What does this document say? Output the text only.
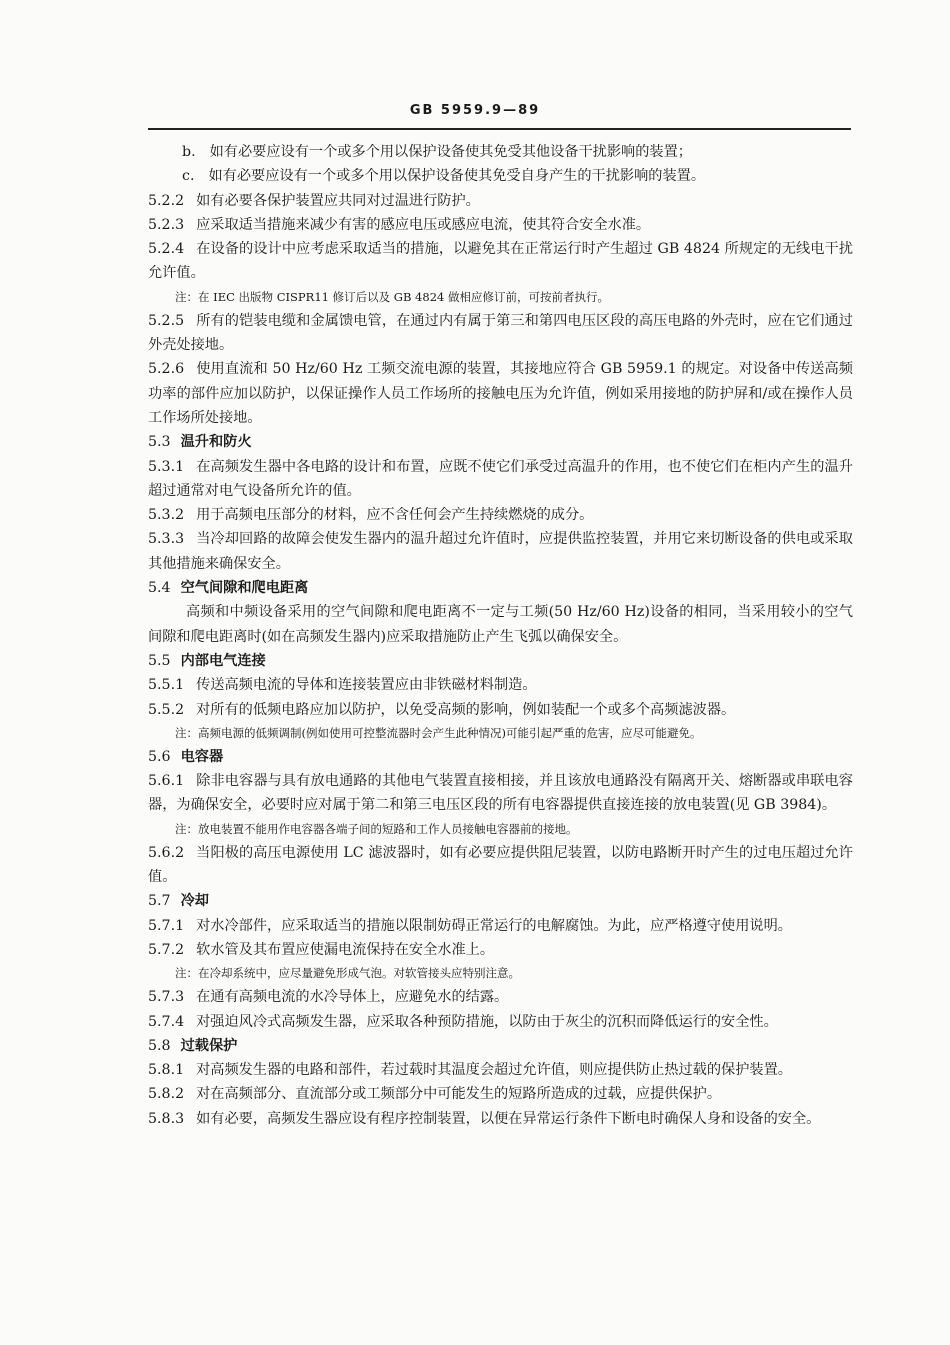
GB 5959.9—89

b. 如有必要应设有一个或多个用以保护设备使其免受其他设备干扰影响的装置；

c. 如有必要应设有一个或多个用以保护设备使其免受自身产生的干扰影响的装置。

5.2.2 如有必要各保护装置应共同对过温进行防护。

5.2.3 应采取适当措施来减少有害的感应电压或感应电流，使其符合安全水准。

5.2.4 在设备的设计中应考虑采取适当的措施，以避免其在正常运行时产生超过 GB 4824 所规定的无线电干扰允许值。

注：在 IEC 出版物 CISPR11 修订后以及 GB 4824 做相应修订前，可按前者执行。

5.2.5 所有的铠装电缆和金属馈电管，在通过内有属于第三和第四电压区段的高压电路的外壳时，应在它们通过外壳处接地。

5.2.6 使用直流和 50 Hz/60 Hz 工频交流电源的装置，其接地应符合 GB 5959.1 的规定。对设备中传送高频功率的部件应加以防护，以保证操作人员工作场所的接触电压为允许值，例如采用接地的防护屏和/或在操作人员工作场所处接地。

5.3 温升和防火

5.3.1 在高频发生器中各电路的设计和布置，应既不使它们承受过高温升的作用，也不使它们在柜内产生的温升超过通常对电气设备所允许的值。

5.3.2 用于高频电压部分的材料，应不含任何会产生持续燃烧的成分。

5.3.3 当冷却回路的故障会使发生器内的温升超过允许值时，应提供监控装置，并用它来切断设备的供电或采取其他措施来确保安全。

5.4 空气间隙和爬电距离

高频和中频设备采用的空气间隙和爬电距离不一定与工频(50 Hz/60 Hz)设备的相同，当采用较小的空气间隙和爬电距离时(如在高频发生器内)应采取措施防止产生飞弧以确保安全。

5.5 内部电气连接

5.5.1 传送高频电流的导体和连接装置应由非铁磁材料制造。

5.5.2 对所有的低频电路应加以防护，以免受高频的影响，例如装配一个或多个高频滤波器。

注：高频电源的低频调制(例如使用可控整流器时会产生此种情况)可能引起严重的危害，应尽可能避免。

5.6 电容器

5.6.1 除非电容器与具有放电通路的其他电气装置直接相接，并且该放电通路没有隔离开关、熔断器或串联电容器，为确保安全，必要时应对属于第二和第三电压区段的所有电容器提供直接连接的放电装置(见 GB 3984)。

注：放电装置不能用作电容器各端子间的短路和工作人员接触电容器前的接地。

5.6.2 当阳极的高压电源使用 LC 滤波器时，如有必要应提供阻尼装置，以防电路断开时产生的过电压超过允许值。

5.7 冷却

5.7.1 对水冷部件，应采取适当的措施以限制妨碍正常运行的电解腐蚀。为此，应严格遵守使用说明。

5.7.2 软水管及其布置应使漏电流保持在安全水准上。

注：在冷却系统中，应尽量避免形成气泡。对软管接头应特别注意。

5.7.3 在通有高频电流的水冷导体上，应避免水的结露。

5.7.4 对强迫风冷式高频发生器，应采取各种预防措施，以防由于灰尘的沉积而降低运行的安全性。

5.8 过载保护

5.8.1 对高频发生器的电路和部件，若过载时其温度会超过允许值，则应提供防止热过载的保护装置。

5.8.2 对在高频部分、直流部分或工频部分中可能发生的短路所造成的过载，应提供保护。

5.8.3 如有必要，高频发生器应设有程序控制装置，以便在异常运行条件下断电时确保人身和设备的安全。
